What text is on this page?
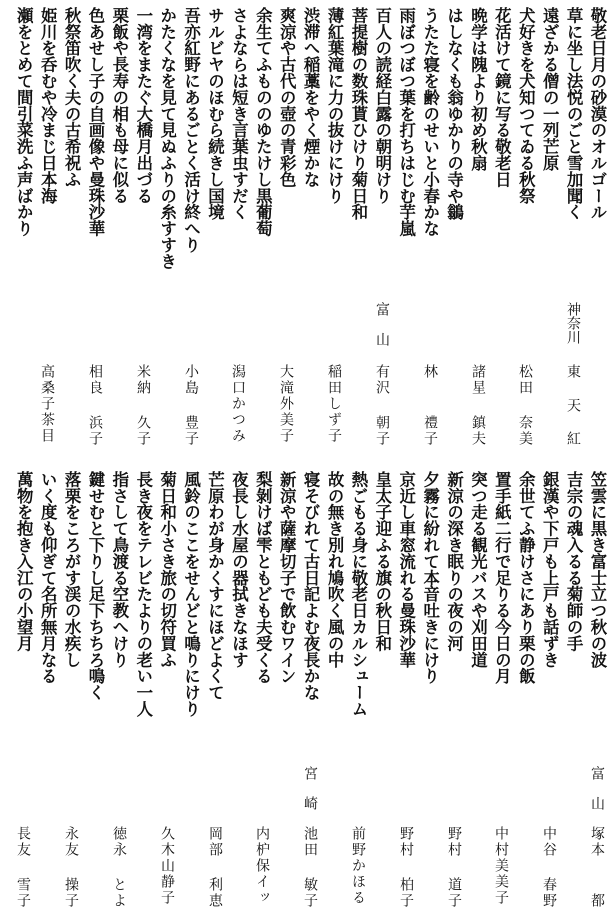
敬老日月の砂漠のオルゴール
草に坐し法悦のごと雪加聞く
遠ざかる僧の一列芒原
犬好きを犬知つてゐる秋祭
花活けて鏡に写る敬老日
晩学は隗より初め秋扇
はしなくも翁ゆかりの寺や鶲
うたた寝を齢のせいと小春かな
雨ぼつぼつ葉を打ちはじむ芋嵐
百人の読経白露の朝明けり
菩提樹の数珠貰ひけり菊日和
薄紅葉滝に力の抜けにけり
渋滞へ稲藁をやく煙かな
爽涼や古代の壺の青彩色
余生てふもののゆたけし黒葡萄
さよならは短き言葉虫すだく
サルビヤのほむら続きし国境
吾亦紅野にあるごとく活け終へり
かたくなを見て見ぬふりの糸すすき
一湾をまたぐ大橋月出づる
栗飯や長寿の相も母に似る
色あせし子の自画像や曼珠沙華
秋祭笛吹く夫の古希祝ふ
姫川を呑むや冷まじ日本海
瀬をとめて間引菜洗ふ声ばかり
神奈川
富
山
東
天
紅
松田
奈美
諸星
鎮夫
林
禮子
有沢
朝子
稲田しず子
大滝外美子
潟口かつみ
小島
豊子
米納
久子
相良
浜子
高桑子茶目
笠雲に黒き富士立つ秋の波
吉宗の魂入るる菊師の手
銀漢や下戸も上戸も話ずき
余世てふ静けさにあり栗の飯
置手紙二行で足りる今日の月
突つ走る観光バスや刈田道
新涼の深き眠りの夜の河
夕霧に紛れて本音吐きにけり
京近し車窓流れる曼珠沙華
皇太子迎ふる旗の秋日和
熱ごもる身に敬老日カルシューム
故の無き別れ鳩吹く風の中
寝そびれて古日記よむ夜長かな
新涼や薩摩切子で飲むワイン
梨剝けば雫ともども夫受くる
夜長し水屋の器拭きなほす
芒原わが身かくすにほどよくて
風鈴のここをせんどと鳴りにけり
菊日和小さき旅の切符買ふ
長き夜をテレビたよりの老い一人
指さして鳥渡る空教へけり
鍵せむと下りし足下ちちろ鳴く
落栗をころがす渓の水疾し
いく度も仰ぎて名所無月なる
萬物を抱き入江の小望月
富
山
宮
崎
塚本
都
中谷
春野
中村美美子
野村
道子
野村
柏子
前野かほる
池田
敏子
内枦保イッ
岡部
利恵
久木山静子
徳永
とよ
永友
操子
長友
雪子
